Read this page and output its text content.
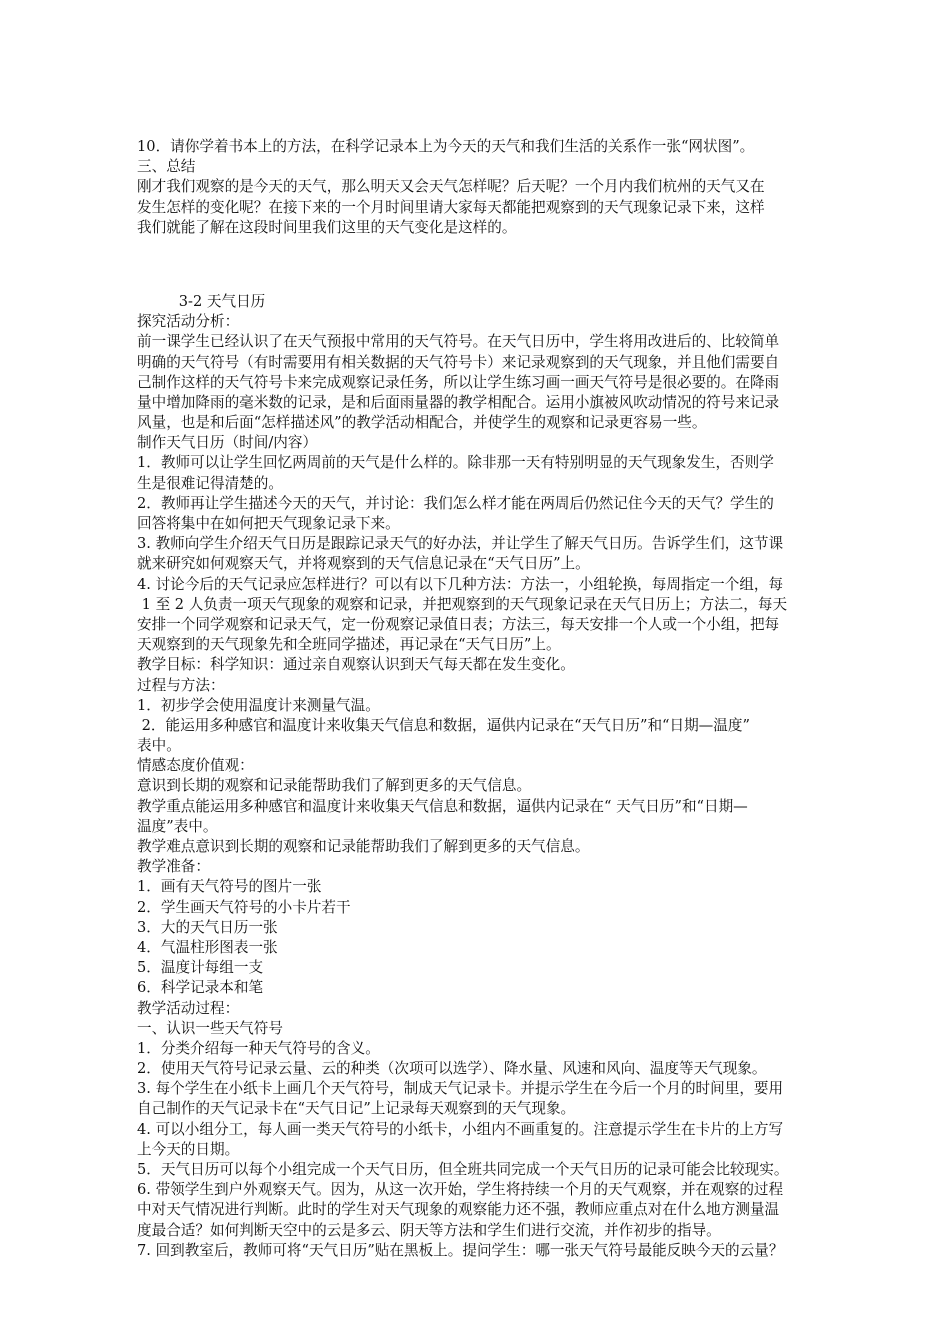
10．请你学着书本上的方法，在科学记录本上为今天的天气和我们生活的关系作一张“网状图”。
三、总结
刚才我们观察的是今天的天气，那么明天又会天气怎样呢？后天呢？一个月内我们杭州的天气又在
发生怎样的变化呢？在接下来的一个月时间里请大家每天都能把观察到的天气现象记录下来，这样
我们就能了解在这段时间里我们这里的天气变化是这样的。
3-2 天气日历
探究活动分析：
前一课学生已经认识了在天气预报中常用的天气符号。在天气日历中，学生将用改进后的、比较简单
明确的天气符号（有时需要用有相关数据的天气符号卡）来记录观察到的天气现象，并且他们需要自
己制作这样的天气符号卡来完成观察记录任务，所以让学生练习画一画天气符号是很必要的。在降雨
量中增加降雨的毫米数的记录，是和后面雨量器的教学相配合。运用小旗被风吹动情况的符号来记录
风量，也是和后面“怎样描述风”的教学活动相配合，并使学生的观察和记录更容易一些。
制作天气日历（时间/内容）
1．教师可以让学生回忆两周前的天气是什么样的。除非那一天有特别明显的天气现象发生，否则学
生是很难记得清楚的。
2．教师再让学生描述今天的天气，并讨论：我们怎么样才能在两周后仍然记住今天的天气？学生的
回答将集中在如何把天气现象记录下来。
3. 教师向学生介绍天气日历是跟踪记录天气的好办法，并让学生了解天气日历。告诉学生们，这节课
就来研究如何观察天气，并将观察到的天气信息记录在“天气日历”上。
4. 讨论今后的天气记录应怎样进行？可以有以下几种方法：方法一，小组轮换，每周指定一个组，每
1 至 2 人负责一项天气现象的观察和记录，并把观察到的天气现象记录在天气日历上；方法二，每天
安排一个同学观察和记录天气，定一份观察记录值日表；方法三，每天安排一个人或一个小组，把每
天观察到的天气现象先和全班同学描述，再记录在“天气日历”上。
教学目标：科学知识：通过亲自观察认识到天气每天都在发生变化。
过程与方法：
1．初步学会使用温度计来测量气温。
2．能运用多种感官和温度计来收集天气信息和数据，逼供内记录在“天气日历”和“日期—温度”
表中。
情感态度价值观：
意识到长期的观察和记录能帮助我们了解到更多的天气信息。
教学重点能运用多种感官和温度计来收集天气信息和数据，逼供内记录在“ 天气日历”和“日期—
温度”表中。
教学难点意识到长期的观察和记录能帮助我们了解到更多的天气信息。
教学准备：
1．画有天气符号的图片一张
2．学生画天气符号的小卡片若干
3．大的天气日历一张
4．气温柱形图表一张
5．温度计每组一支
6．科学记录本和笔
教学活动过程：
一、认识一些天气符号
1．分类介绍每一种天气符号的含义。
2．使用天气符号记录云量、云的种类（次项可以选学）、降水量、风速和风向、温度等天气现象。
3. 每个学生在小纸卡上画几个天气符号，制成天气记录卡。并提示学生在今后一个月的时间里，要用
自己制作的天气记录卡在“天气日记”上记录每天观察到的天气现象。
4. 可以小组分工，每人画一类天气符号的小纸卡，小组内不画重复的。注意提示学生在卡片的上方写
上今天的日期。
5．天气日历可以每个小组完成一个天气日历，但全班共同完成一个天气日历的记录可能会比较现实。
6. 带领学生到户外观察天气。因为，从这一次开始，学生将持续一个月的天气观察，并在观察的过程
中对天气情况进行判断。此时的学生对天气现象的观察能力还不强，教师应重点对在什么地方测量温
度最合适？如何判断天空中的云是多云、阴天等方法和学生们进行交流，并作初步的指导。
7. 回到教室后，教师可将“天气日历”贴在黑板上。提问学生：哪一张天气符号最能反映今天的云量？
